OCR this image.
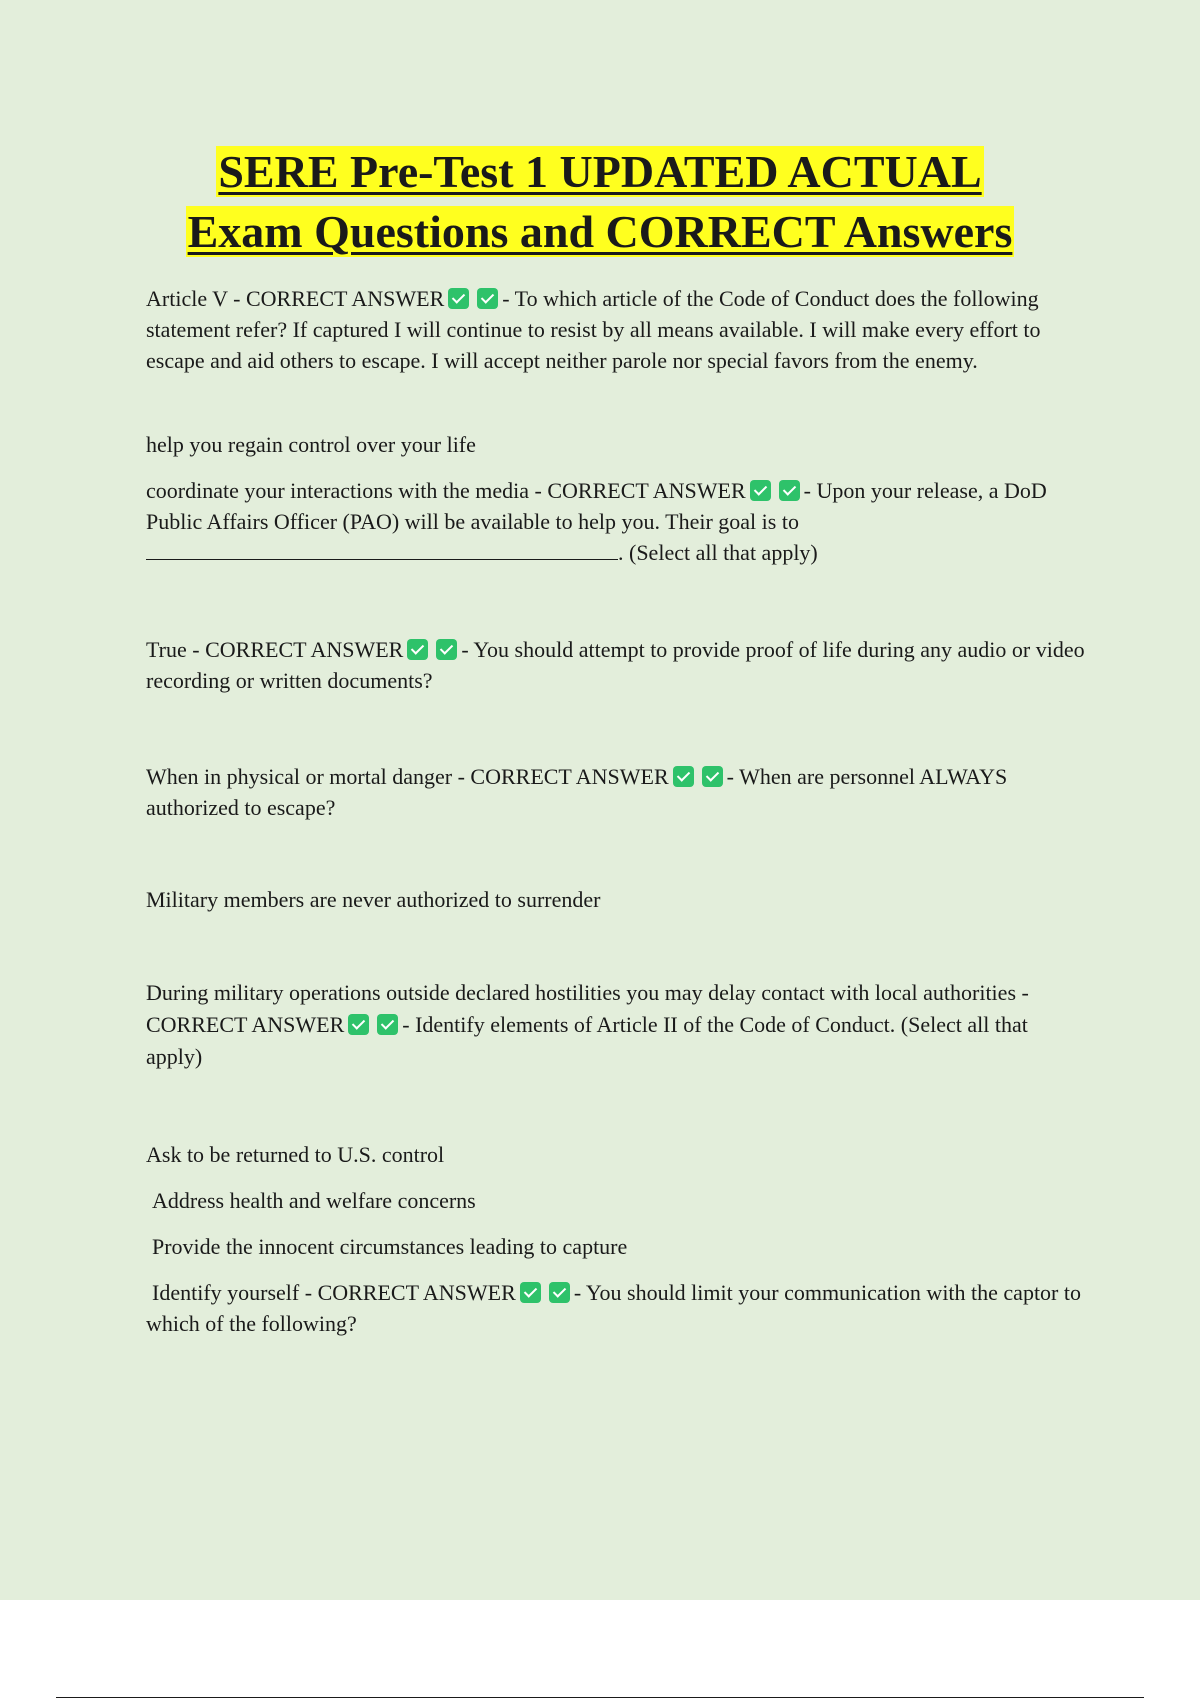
SERE Pre-Test 1 UPDATED ACTUAL
Exam Questions and CORRECT Answers

Article V - CORRECT ANSWER	- To which article of the Code of Conduct does the following statement refer? If captured I will continue to resist by all means available. I will make every effort to escape and aid others to escape. I will accept neither parole nor special favors from the enemy.

help you regain control over your life

coordinate your interactions with the media - CORRECT ANSWER	- Upon your release, a DoD Public Affairs Officer (PAO) will be available to help you. Their goal is to. (Select all that apply)

True - CORRECT ANSWER	- You should attempt to provide proof of life during any audio or video recording or written documents?

When in physical or mortal danger - CORRECT ANSWER	- When are personnel ALWAYS authorized to escape?

Military members are never authorized to surrender

During military operations outside declared hostilities you may delay contact with local authorities - CORRECT ANSWER	- Identify elements of Article II of the Code of Conduct. (Select all that apply)

Ask to be returned to U.S. control

Address health and welfare concerns

Provide the innocent circumstances leading to capture

Identify yourself - CORRECT ANSWER	- You should limit your communication with the captor to which of the following?
